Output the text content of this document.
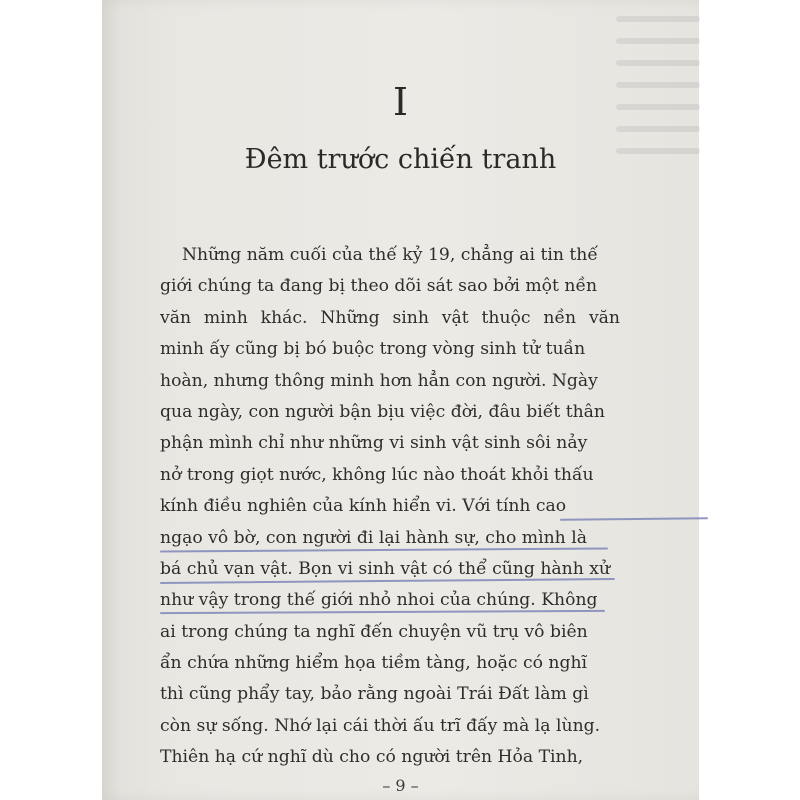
I
Đêm trước chiến tranh

Những năm cuối của thế kỷ 19, chẳng ai tin thế
giới chúng ta đang bị theo dõi sát sao bởi một nền
văn minh khác. Những sinh vật thuộc nền văn
minh ấy cũng bị bó buộc trong vòng sinh tử tuần
hoàn, nhưng thông minh hơn hẳn con người. Ngày
qua ngày, con người bận bịu việc đời, đâu biết thân
phận mình chỉ như những vi sinh vật sinh sôi nảy
nở trong giọt nước, không lúc nào thoát khỏi thấu
kính điều nghiên của kính hiển vi. Với tính cao
ngạo vô bờ, con người đi lại hành sự, cho mình là
bá chủ vạn vật. Bọn vi sinh vật có thể cũng hành xử
như vậy trong thế giới nhỏ nhoi của chúng. Không
ai trong chúng ta nghĩ đến chuyện vũ trụ vô biên
ẩn chứa những hiểm họa tiềm tàng, hoặc có nghĩ
thì cũng phẩy tay, bảo rằng ngoài Trái Đất làm gì
còn sự sống. Nhớ lại cái thời ấu trĩ đấy mà lạ lùng.
Thiên hạ cứ nghĩ dù cho có người trên Hỏa Tinh,

– 9 –
